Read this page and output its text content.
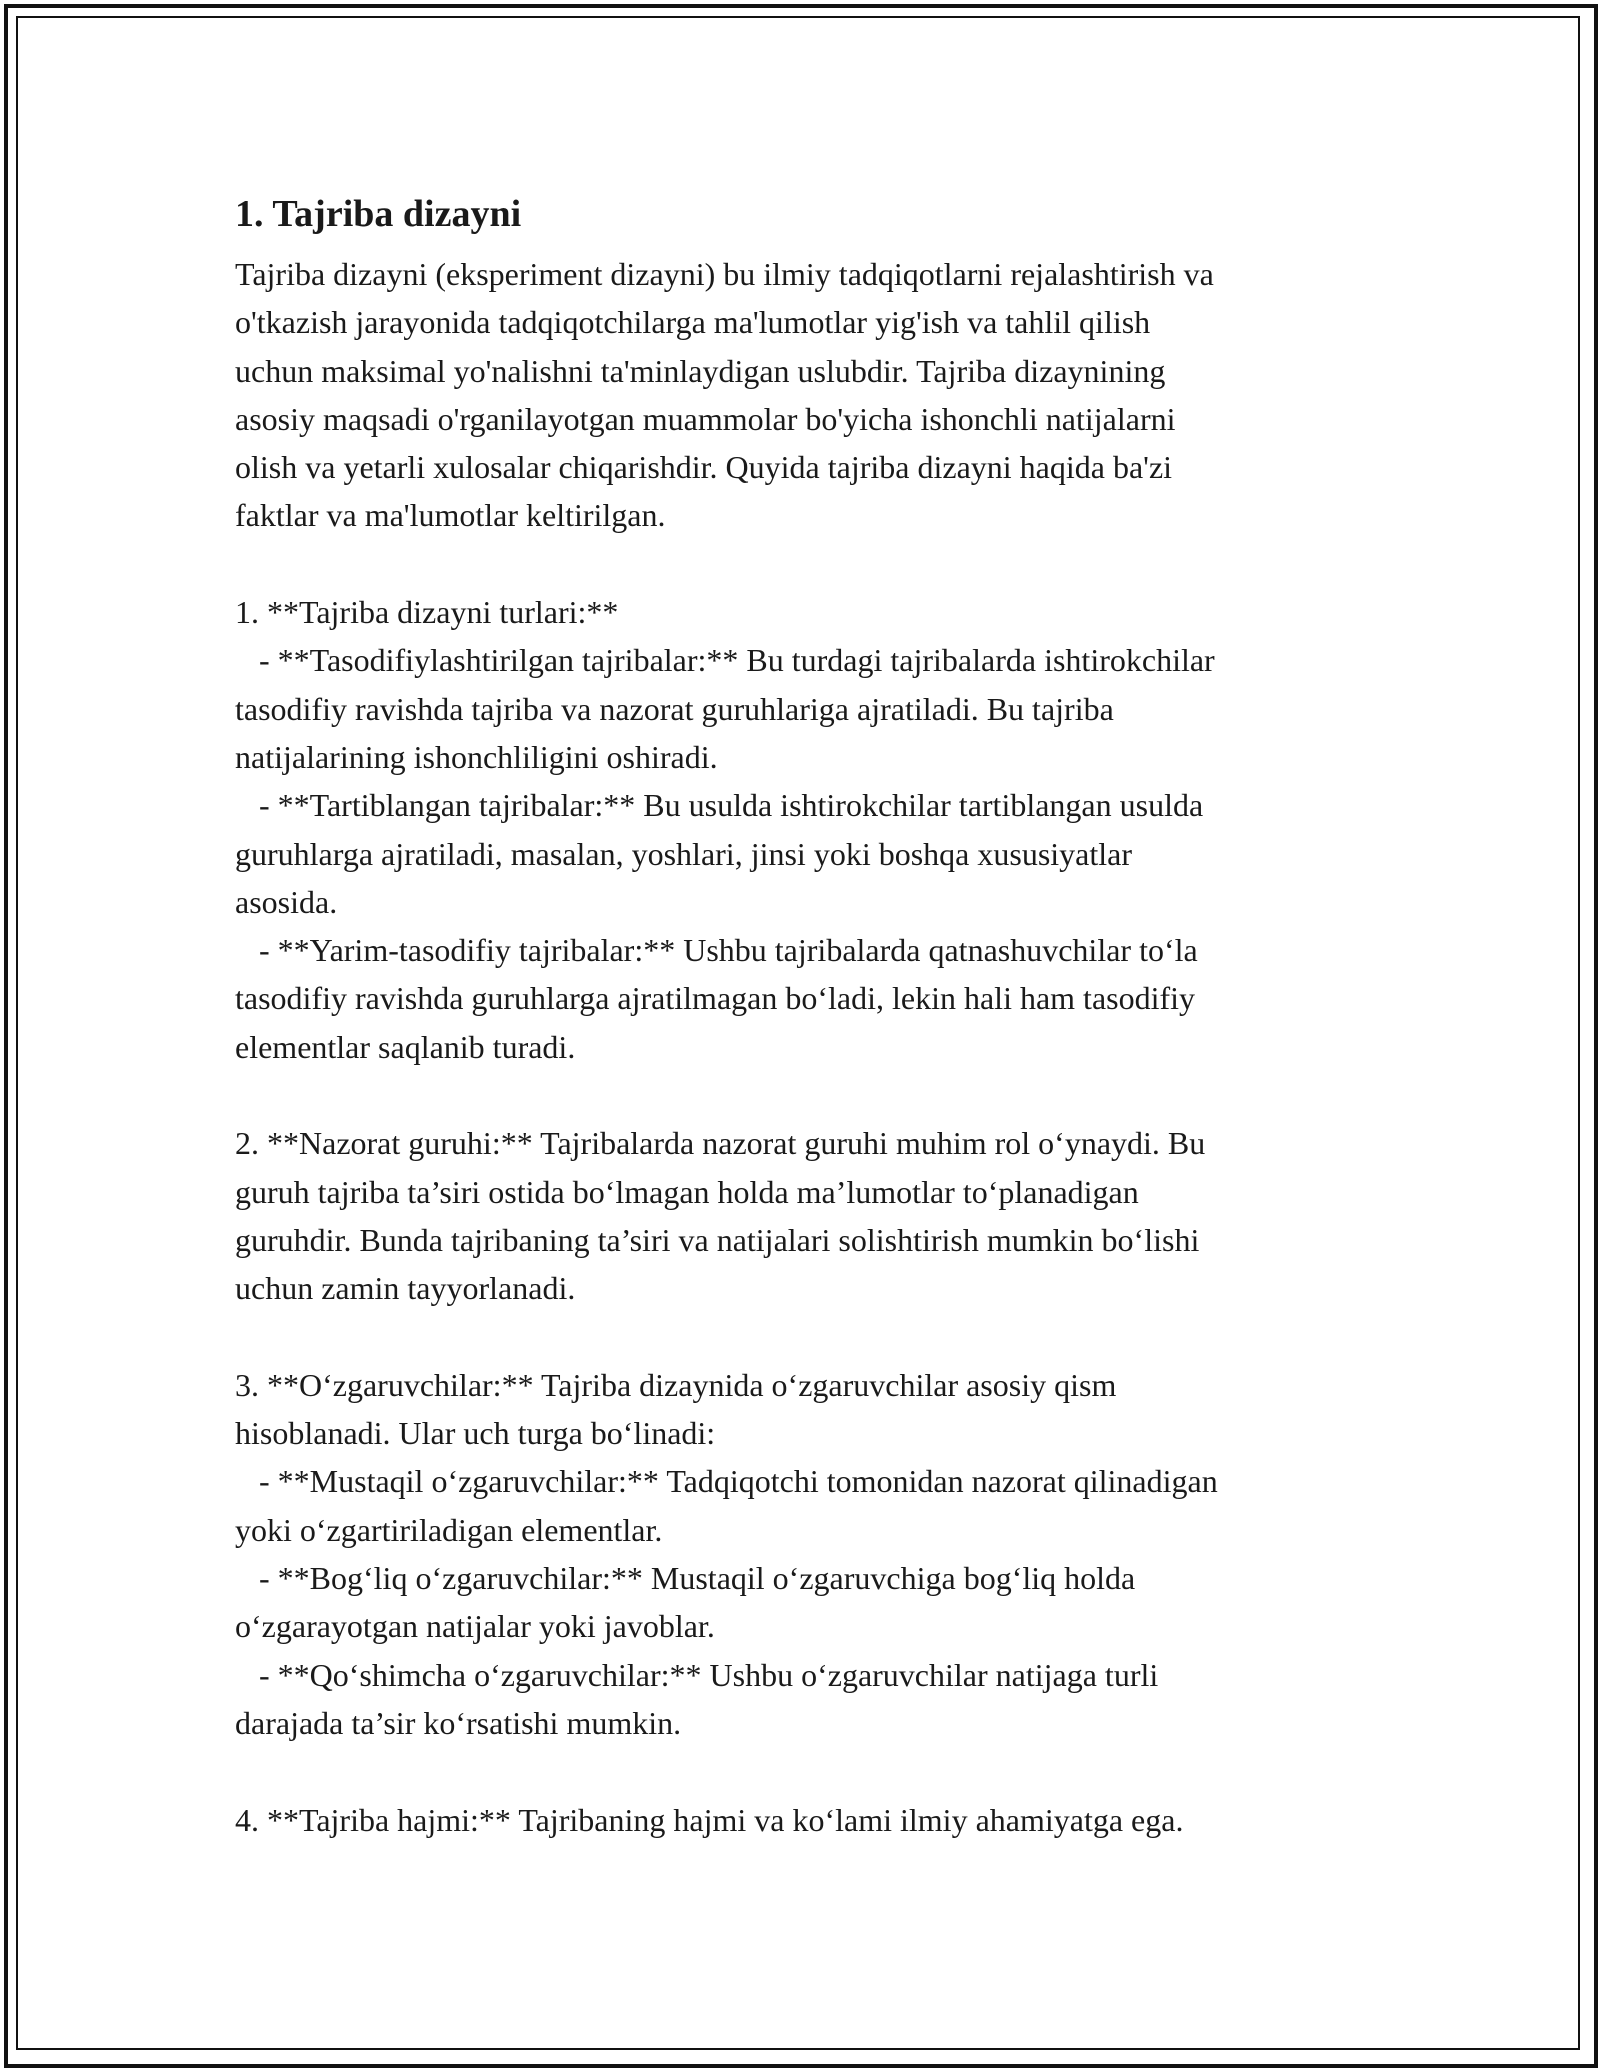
1. Tajriba dizayni

Tajriba dizayni (eksperiment dizayni) bu ilmiy tadqiqotlarni rejalashtirish va

o'tkazish jarayonida tadqiqotchilarga ma'lumotlar yig'ish va tahlil qilish

uchun maksimal yo'nalishni ta'minlaydigan uslubdir. Tajriba dizaynining

asosiy maqsadi o'rganilayotgan muammolar bo'yicha ishonchli natijalarni

olish va yetarli xulosalar chiqarishdir. Quyida tajriba dizayni haqida ba'zi

faktlar va ma'lumotlar keltirilgan.

1. **Tajriba dizayni turlari:**

- **Tasodifiylashtirilgan tajribalar:** Bu turdagi tajribalarda ishtirokchilar

tasodifiy ravishda tajriba va nazorat guruhlariga ajratiladi. Bu tajriba

natijalarining ishonchliligini oshiradi.

- **Tartiblangan tajribalar:** Bu usulda ishtirokchilar tartiblangan usulda

guruhlarga ajratiladi, masalan, yoshlari, jinsi yoki boshqa xususiyatlar

asosida.

- **Yarim-tasodifiy tajribalar:** Ushbu tajribalarda qatnashuvchilar to‘la

tasodifiy ravishda guruhlarga ajratilmagan bo‘ladi, lekin hali ham tasodifiy

elementlar saqlanib turadi.

2. **Nazorat guruhi:** Tajribalarda nazorat guruhi muhim rol o‘ynaydi. Bu

guruh tajriba ta’siri ostida bo‘lmagan holda ma’lumotlar to‘planadigan

guruhdir. Bunda tajribaning ta’siri va natijalari solishtirish mumkin bo‘lishi

uchun zamin tayyorlanadi.

3. **O‘zgaruvchilar:** Tajriba dizaynida o‘zgaruvchilar asosiy qism

hisoblanadi. Ular uch turga bo‘linadi:

- **Mustaqil o‘zgaruvchilar:** Tadqiqotchi tomonidan nazorat qilinadigan

yoki o‘zgartiriladigan elementlar.

- **Bog‘liq o‘zgaruvchilar:** Mustaqil o‘zgaruvchiga bog‘liq holda

o‘zgarayotgan natijalar yoki javoblar.

- **Qo‘shimcha o‘zgaruvchilar:** Ushbu o‘zgaruvchilar natijaga turli

darajada ta’sir ko‘rsatishi mumkin.

4. **Tajriba hajmi:** Tajribaning hajmi va ko‘lami ilmiy ahamiyatga ega.
